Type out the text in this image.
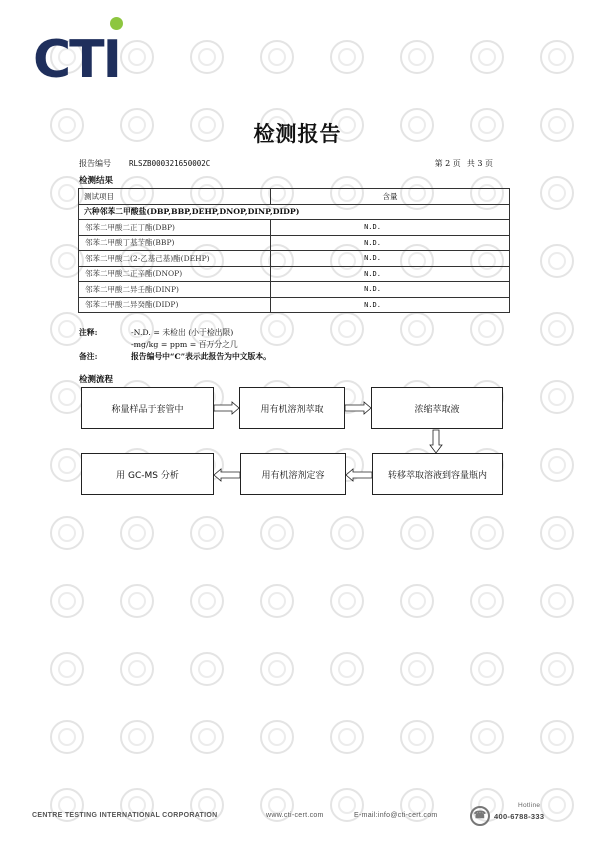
CTI
检测报告
报告编号 RLSZB000321650002C	第 2 页 共 3 页
检测结果
测试项目	含量
六种邻苯二甲酸盐(DBP,BBP,DEHP,DNOP,DINP,DIDP)	
邻苯二甲酸二正丁酯(DBP)	N.D.
邻苯二甲酸丁基苄酯(BBP)	N.D.
邻苯二甲酸二(2-乙基己基)酯(DEHP)	N.D.
邻苯二甲酸二正辛酯(DNOP)	N.D.
邻苯二甲酸二异壬酯(DINP)	N.D.
邻苯二甲酸二异癸酯(DIDP)	N.D.
注释:	-N.D. = 未检出 (小于检出限)
-mg/kg = ppm = 百万分之几
备注:	报告编号中“C”表示此报告为中文版本。
检测流程
称量样品于套管中	用有机溶剂萃取	浓缩萃取液
转移萃取溶液到容量瓶内
用有机溶剂定容
用 GC-MS 分析
CENTRE TESTING INTERNATIONAL CORPORATION	www.cti-cert.com	E-mail:info@cti-cert.com	☎
Hotline
400-6788-333
